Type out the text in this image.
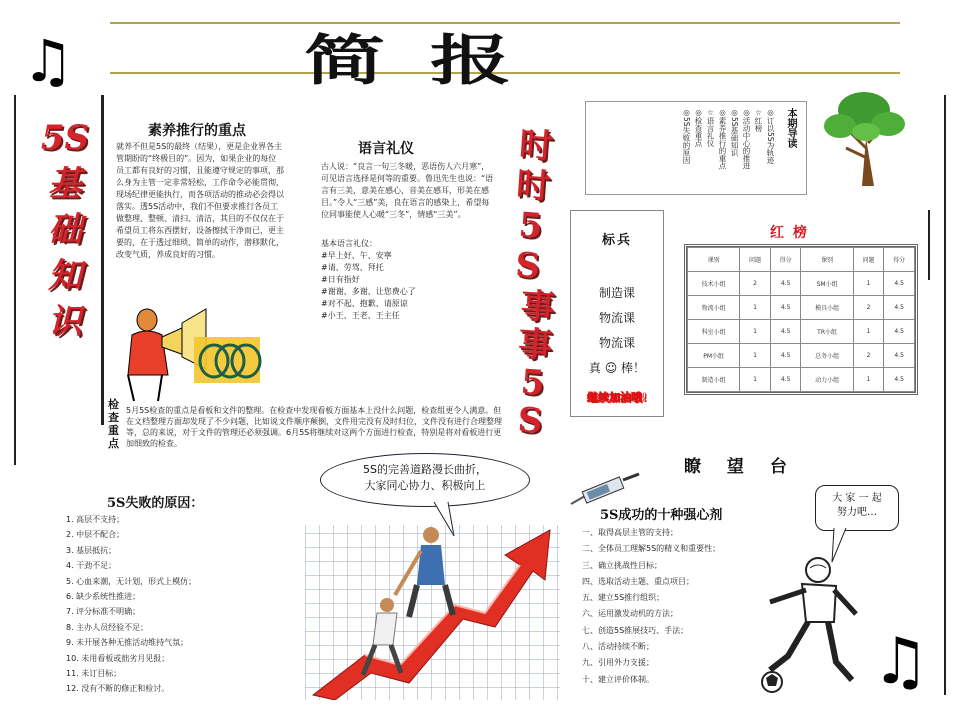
♫	简报
♫
5S基础知识
素养推行的重点
就养不但是5S的最终（结果），更是企业界各主管期盼的“终极目的”。因为，如果企业的每位员工都有良好的习惯，且能遵守规定的事项，那么身为主管一定非常轻松，工作命令必能贯彻，现场纪律更能执行，而各项活动的推动必会得以落实。透5S活动中，我们不但要求推行各员工做整理、整顿、清扫、清洁，其目的不仅仅在于希望员工将东西摆好，设备擦拭干净而已，更主要的，在于透过细琐、简单的动作，潜移默化，改变气质，养成良好的习惯。
语言礼仪
古人说：“良言一句三冬暖，恶语伤人六月寒”，可见语言选择是何等的重要。鲁迅先生也说：“语言有三美，意美在感心，音美在感耳，形美在感目。”令人“三感”美，良在语言的感染上，希望每位同事能使人心暖“三冬”，情感“三美”。
基本语言礼仪：
#早上好、午、安寧
#请、劳驾、拜托
#日有指好
#谢谢、多谢、让您费心了
#对不起、抱歉、请原谅
#小王、王老、王主任
时时5S
事事5S
本期导读
◎订以5S为轨迹
☆红榜
◎活动中心的推进
◎5S基础知识
◎素养推行的重点
☆语言礼仪
◎检查重点
◎5S失败的原因
标兵
制造课
物流课
物流课
真 ☺ 棒！
继续加油哦!
红 榜
课别	问题	得分	课别	问题	得分
技术小组	2	4.5	SM小组	1	4.5
物流小组	1	4.5	模具小组	2	4.5
科室小组	1	4.5	TR小组	1	4.5
PM小组	1	4.5	总务小组	2	4.5
制造小组	1	4.5	动力小组	1	4.5
检查重点
5月5S检查的重点是看板和文件的整理。在检查中发现看板方面基本上没什么问题，检查组更令人满意。但在文档整理方面却发现了不少问题，比如说文件顺序颠倒，文件用完没有及时归位，文件没有进行合理整理等，总的来说，对于文件的管理还必须强调。6月5S将继续对这两个方面进行检查，特别是将对看板进行更加细致的检查。
瞭 望 台
5S失败的原因：
1. 高层不支持；
2. 中层不配合；
3. 基层抵抗；
4. 干劲不足；
5. 心血来潮，无计划，形式上模仿；
6. 缺少系统性推进；
7. 评分标准不明确；
8. 主办人员经验不足；
9. 未开展各种无推活动维持气氛；
10. 未用看板或拙劣月见报；
11. 未订目标；
12. 没有不断的修正和检讨。
5S的完善道路漫长曲折，
大家同心协力、积极向上
5S成功的十种强心剂
一、取得高层主管的支持；
二、全体员工理解5S的精义和重要性；
三、确立挑战性目标；
四、选取活动主题、重点项目；
五、建立5S推行组织；
六、运用激发动机的方法；
七、创造5S推展技巧、手法；
八、活动持续不断；
九、引用外力支援；
十、建立评价体制。
大 家 一 起
努力吧…
